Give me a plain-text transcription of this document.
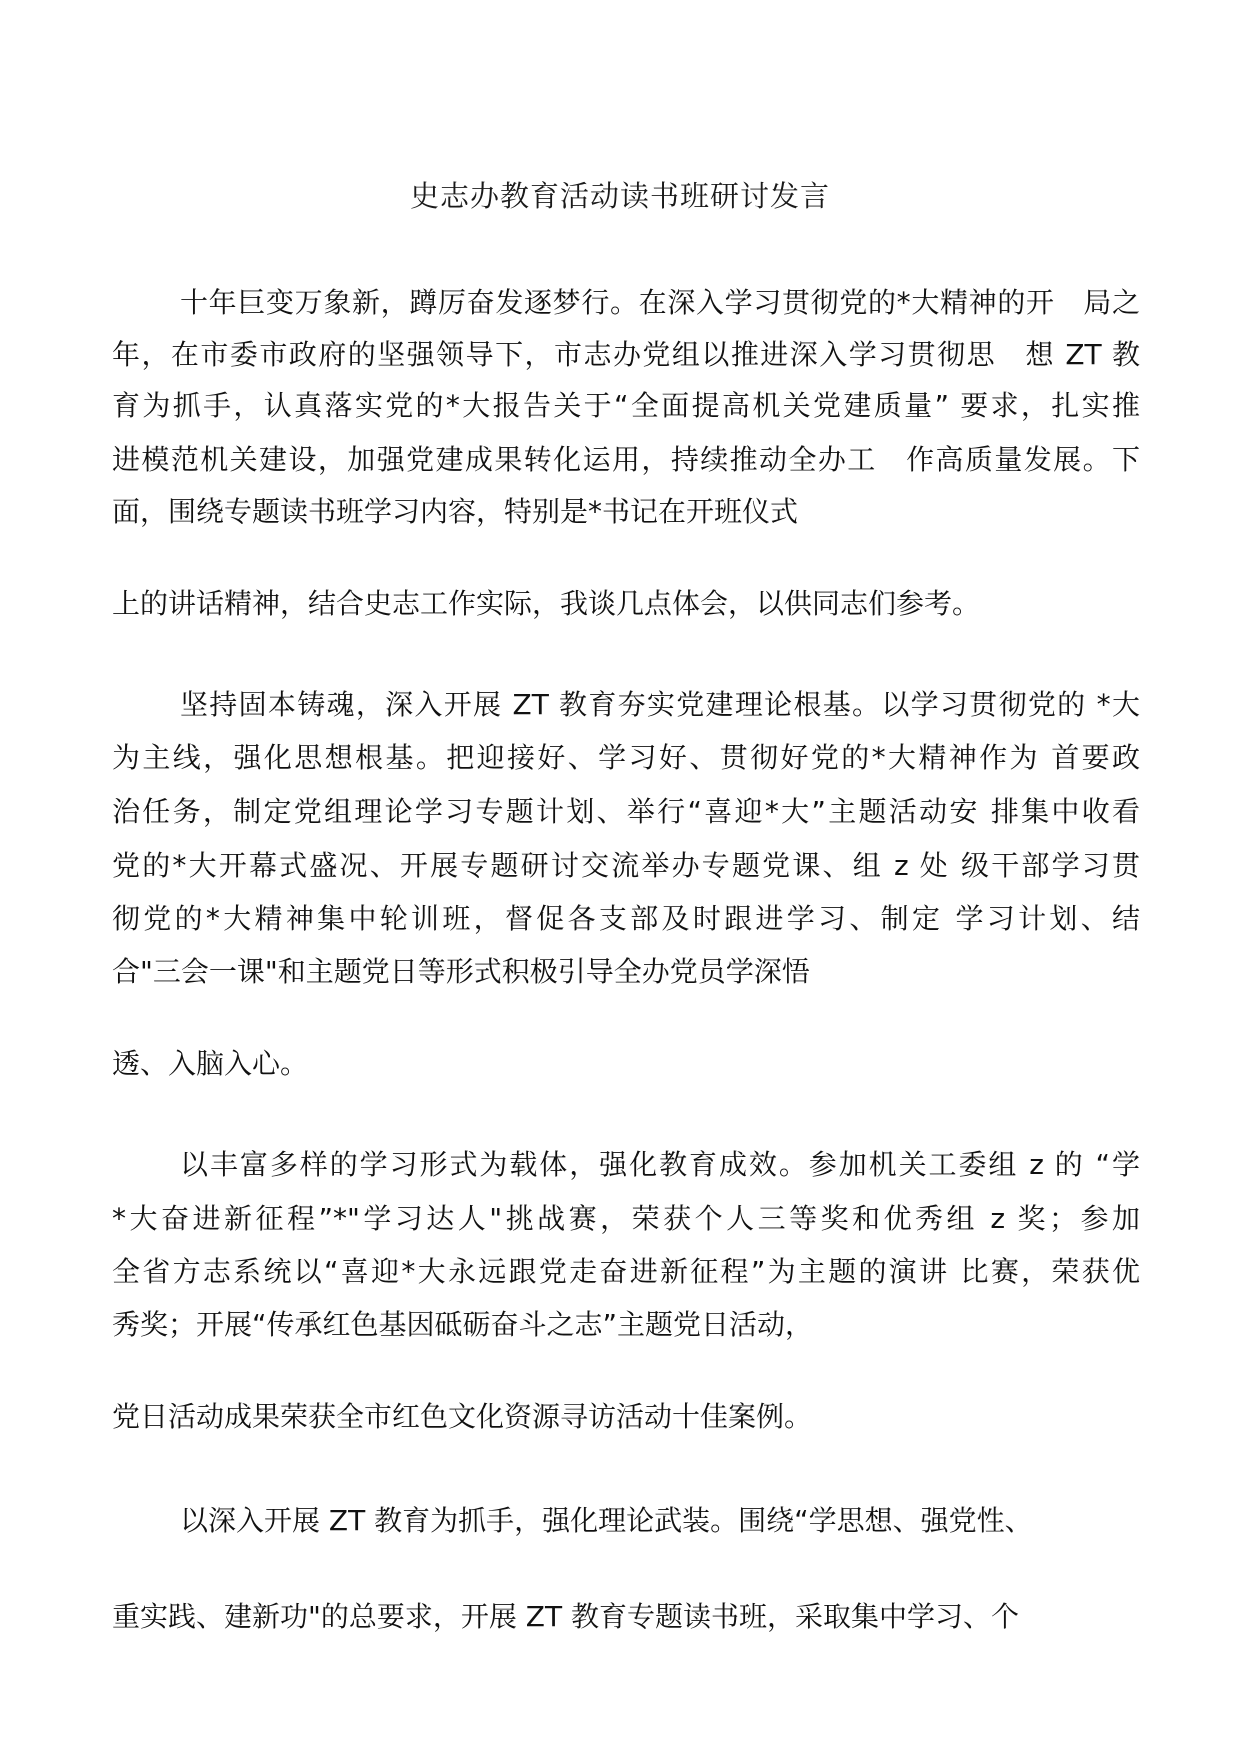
史志办教育活动读书班研讨发言
十年巨变万象新，蹲厉奋发逐梦行。在深入学习贯彻党的*大精神的开　局之
年，在市委市政府的坚强领导下，市志办党组以推进深入学习贯彻思　想 ZT 教
育为抓手，认真落实党的*大报告关于“全面提高机关党建质量” 要求，扎实推
进模范机关建设，加强党建成果转化运用，持续推动全办工　作高质量发展。下
面，围绕专题读书班学习内容，特别是*书记在开班仪式
上的讲话精神，结合史志工作实际，我谈几点体会，以供同志们参考。
坚持固本铸魂，深入开展 ZT 教育夯实党建理论根基。以学习贯彻党的 *大
为主线，强化思想根基。把迎接好、学习好、贯彻好党的*大精神作为 首要政
治任务，制定党组理论学习专题计划、举行“喜迎*大”主题活动安 排集中收看
党的*大开幕式盛况、开展专题研讨交流举办专题党课、组 z 处 级干部学习贯
彻党的*大精神集中轮训班，督促各支部及时跟进学习、制定 学习计划、结
合"三会一课"和主题党日等形式积极引导全办党员学深悟
透、入脑入心。
以丰富多样的学习形式为载体，强化教育成效。参加机关工委组 z 的 “学
*大奋进新征程”*"学习达人"挑战赛，荣获个人三等奖和优秀组 z 奖；参加
全省方志系统以“喜迎*大永远跟党走奋进新征程”为主题的演讲 比赛，荣获优
秀奖；开展“传承红色基因砥砺奋斗之志”主题党日活动，
党日活动成果荣获全市红色文化资源寻访活动十佳案例。
以深入开展 ZT 教育为抓手，强化理论武装。围绕“学思想、强党性、
重实践、建新功"的总要求，开展 ZT 教育专题读书班，采取集中学习、个
